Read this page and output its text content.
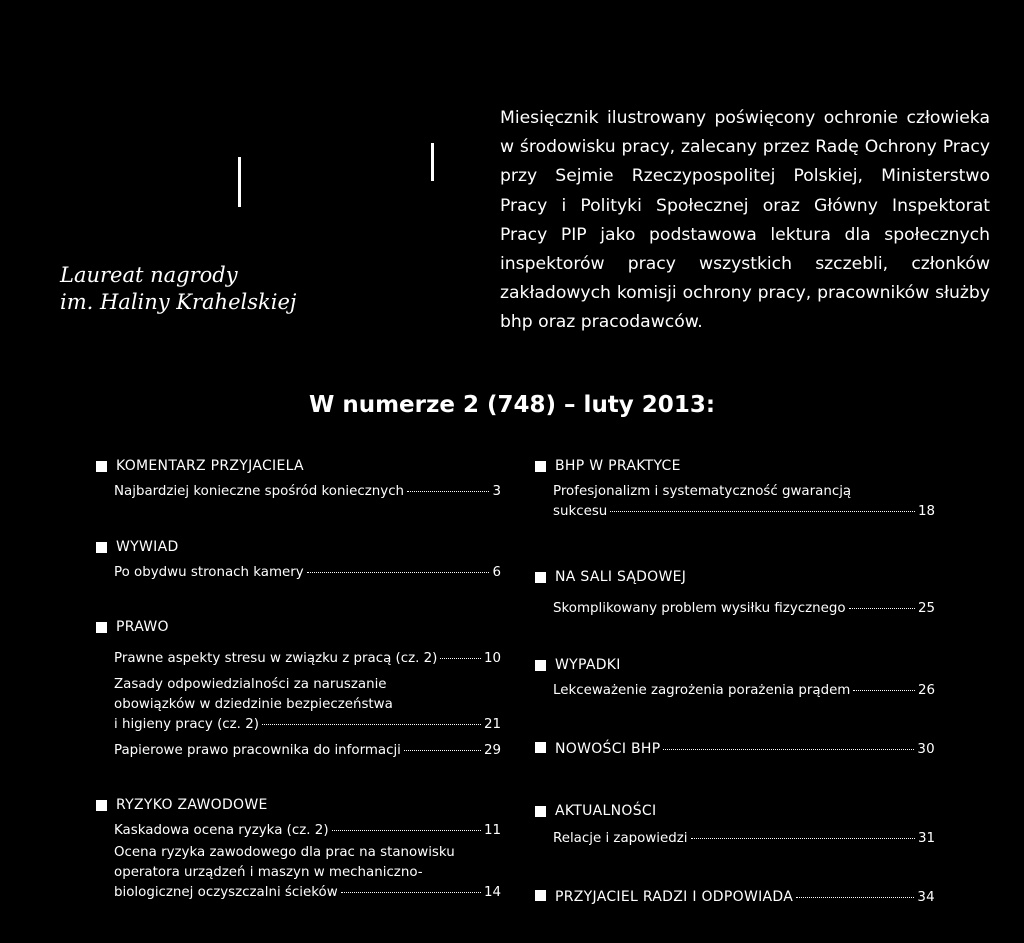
Laureat nagrody
im. Haliny Krahelskiej
Miesięcznik ilustrowany poświęcony ochronie człowieka w środowisku pracy, zalecany przez Radę Ochrony Pracy przy Sejmie Rzeczypospolitej Polskiej, Ministerstwo Pracy i Polityki Społecznej oraz Główny Inspektorat Pracy PIP jako podstawowa lektura dla społecznych inspektorów pracy wszystkich szczebli, członków zakładowych komisji ochrony pracy, pracowników służby bhp oraz pracodawców.
W numerze 2 (748) – luty 2013:
KOMENTARZ PRZYJACIELA
Najbardziej konieczne spośród koniecznych	3
WYWIAD
Po obydwu stronach kamery	6
PRAWO
Prawne aspekty stresu w związku z pracą (cz. 2)	10
Zasady odpowiedzialności za naruszanie
obowiązków w dziedzinie bezpieczeństwa
i higieny pracy (cz. 2)	21
Papierowe prawo pracownika do informacji	29
RYZYKO ZAWODOWE
Kaskadowa ocena ryzyka (cz. 2)	11
Ocena ryzyka zawodowego dla prac na stanowisku
operatora urządzeń i maszyn w mechaniczno-
biologicznej oczyszczalni ścieków	14
BHP W PRAKTYCE
Profesjonalizm i systematyczność gwarancją
sukcesu	18
NA SALI SĄDOWEJ
Skomplikowany problem wysiłku fizycznego	25
WYPADKI
Lekceważenie zagrożenia porażenia prądem	26
NOWOŚCI BHP	30
AKTUALNOŚCI
Relacje i zapowiedzi	31
PRZYJACIEL RADZI I ODPOWIADA	34
